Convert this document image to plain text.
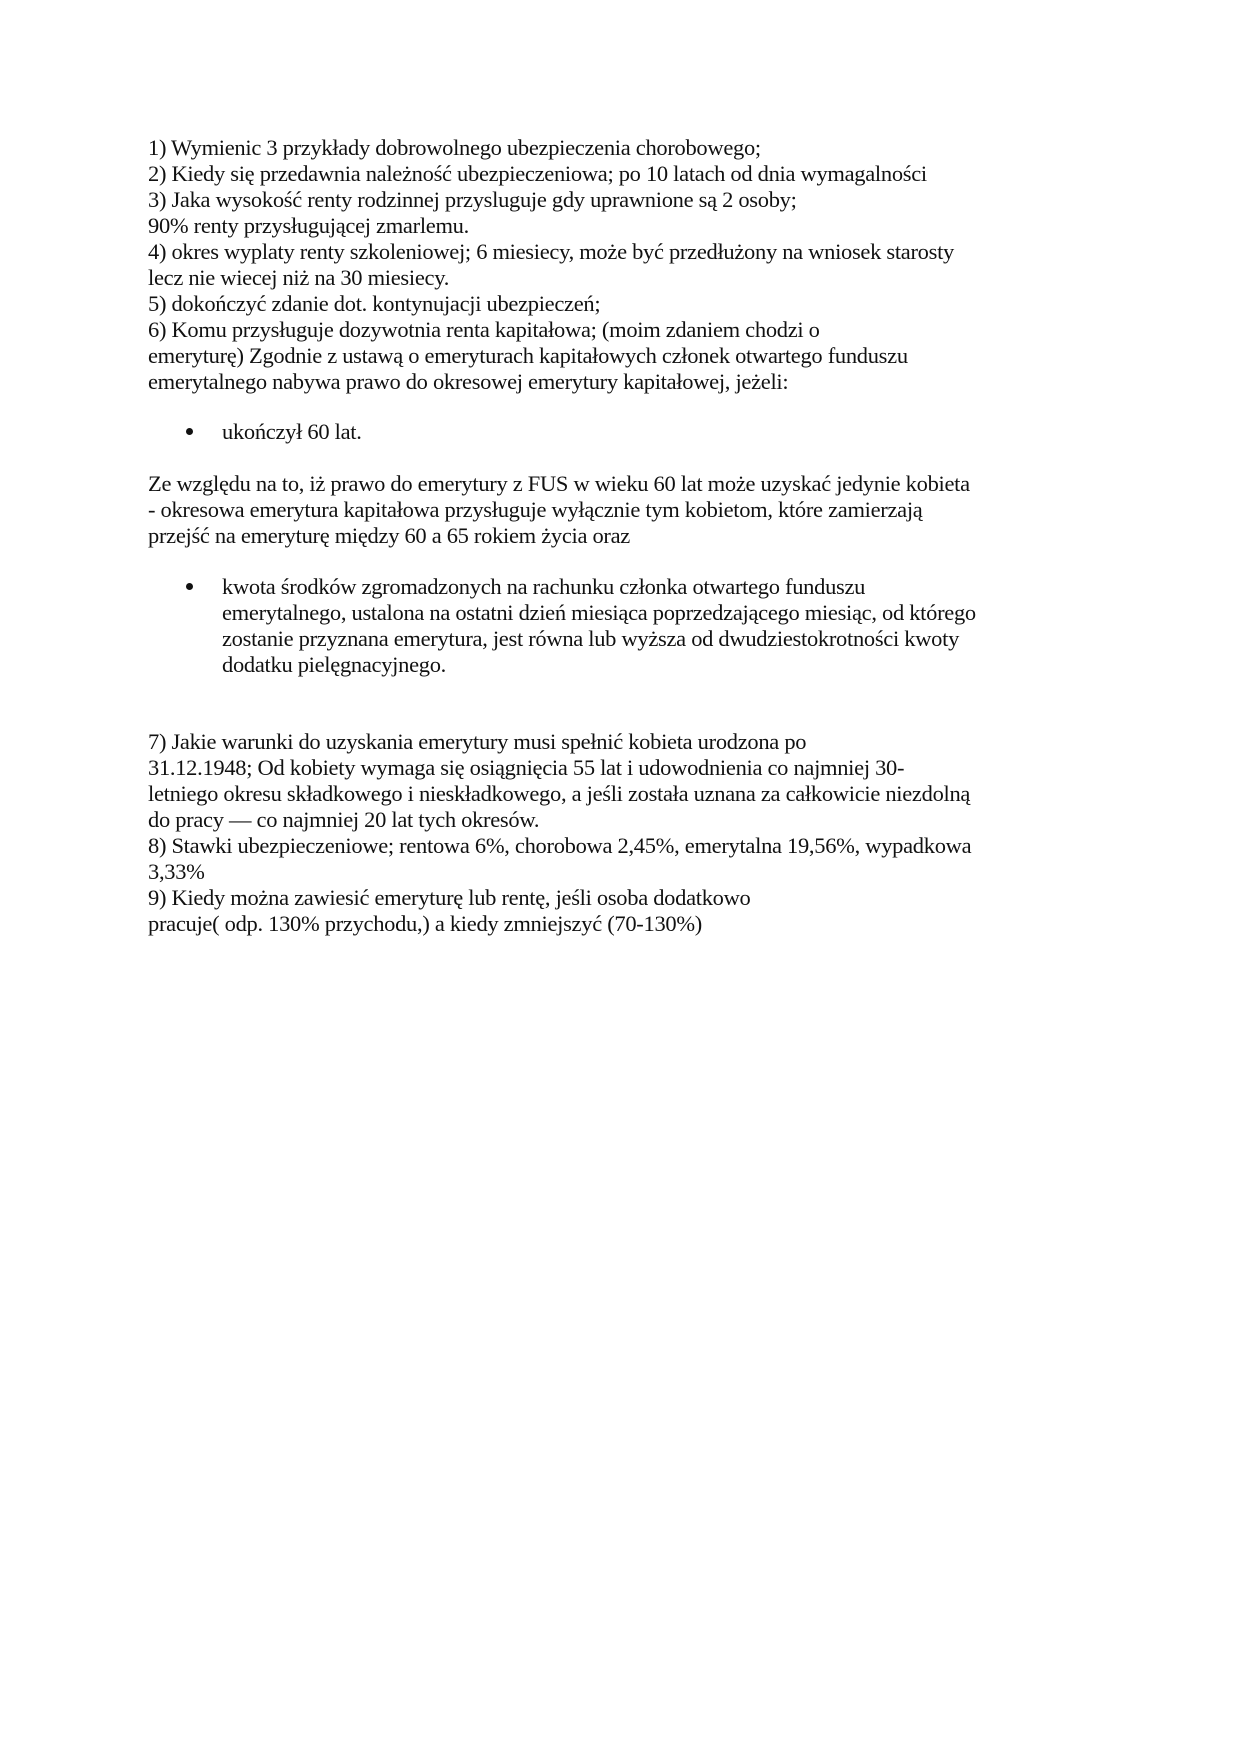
1) Wymienic 3 przykłady dobrowolnego ubezpieczenia chorobowego;
2) Kiedy się przedawnia należność ubezpieczeniowa; po 10 latach od dnia wymagalności
3) Jaka wysokość renty rodzinnej przysluguje gdy uprawnione są 2 osoby;
90% renty przysługującej zmarlemu.
4) okres wyplaty renty szkoleniowej; 6 miesiecy, może być przedłużony na wniosek starosty
lecz nie wiecej niż na 30 miesiecy.
5) dokończyć zdanie dot. kontynujacji ubezpieczeń;
6) Komu przysługuje dozywotnia renta kapitałowa; (moim zdaniem chodzi o
emeryturę) Zgodnie z ustawą o emeryturach kapitałowych członek otwartego funduszu
emerytalnego nabywa prawo do okresowej emerytury kapitałowej, jeżeli:
ukończył 60 lat.
Ze względu na to, iż prawo do emerytury z FUS w wieku 60 lat może uzyskać jedynie kobieta
- okresowa emerytura kapitałowa przysługuje wyłącznie tym kobietom, które zamierzają
przejść na emeryturę między 60 a 65 rokiem życia oraz
kwota środków zgromadzonych na rachunku członka otwartego funduszu
emerytalnego, ustalona na ostatni dzień miesiąca poprzedzającego miesiąc, od którego
zostanie przyznana emerytura, jest równa lub wyższa od dwudziestokrotności kwoty
dodatku pielęgnacyjnego.
7) Jakie warunki do uzyskania emerytury musi spełnić kobieta urodzona po
31.12.1948; Od kobiety wymaga się osiągnięcia 55 lat i udowodnienia co najmniej 30-
letniego okresu składkowego i nieskładkowego, a jeśli została uznana za całkowicie niezdolną
do pracy — co najmniej 20 lat tych okresów.
8) Stawki ubezpieczeniowe; rentowa 6%, chorobowa 2,45%, emerytalna 19,56%, wypadkowa
3,33%
9) Kiedy można zawiesić emeryturę lub rentę, jeśli osoba dodatkowo
pracuje( odp. 130% przychodu,) a kiedy zmniejszyć (70-130%)
